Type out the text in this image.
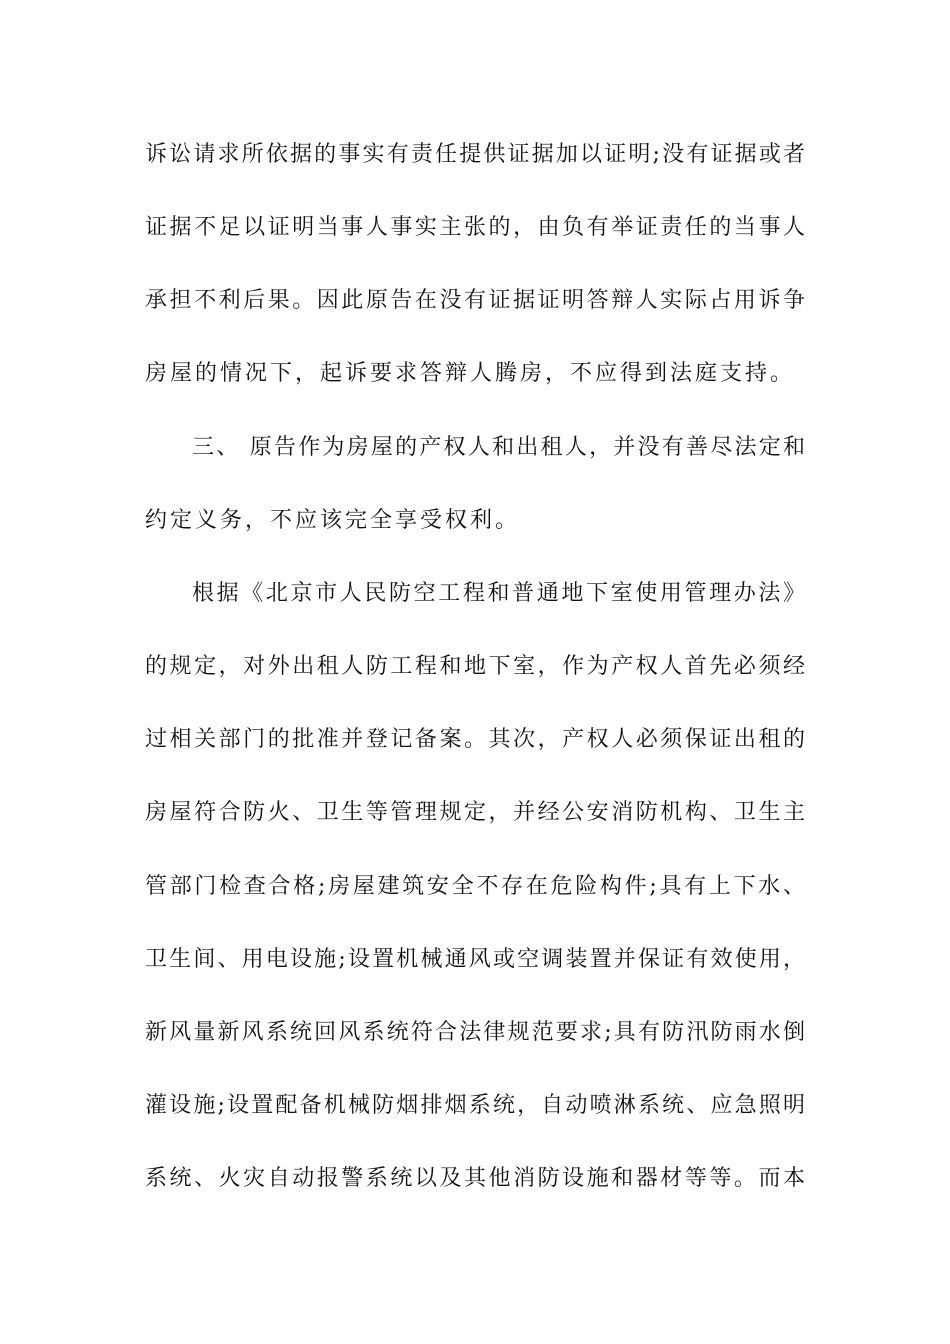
诉讼请求所依据的事实有责任提供证据加以证明;没有证据或者
证据不足以证明当事人事实主张的，由负有举证责任的当事人
承担不利后果。因此原告在没有证据证明答辩人实际占用诉争
房屋的情况下，起诉要求答辩人腾房，不应得到法庭支持。
三、 原告作为房屋的产权人和出租人，并没有善尽法定和
约定义务，不应该完全享受权利。
根据《北京市人民防空工程和普通地下室使用管理办法》
的规定，对外出租人防工程和地下室，作为产权人首先必须经
过相关部门的批准并登记备案。其次，产权人必须保证出租的
房屋符合防火、卫生等管理规定，并经公安消防机构、卫生主
管部门检查合格;房屋建筑安全不存在危险构件;具有上下水、
卫生间、用电设施;设置机械通风或空调装置并保证有效使用，
新风量新风系统回风系统符合法律规范要求;具有防汛防雨水倒
灌设施;设置配备机械防烟排烟系统，自动喷淋系统、应急照明
系统、火灾自动报警系统以及其他消防设施和器材等等。而本
